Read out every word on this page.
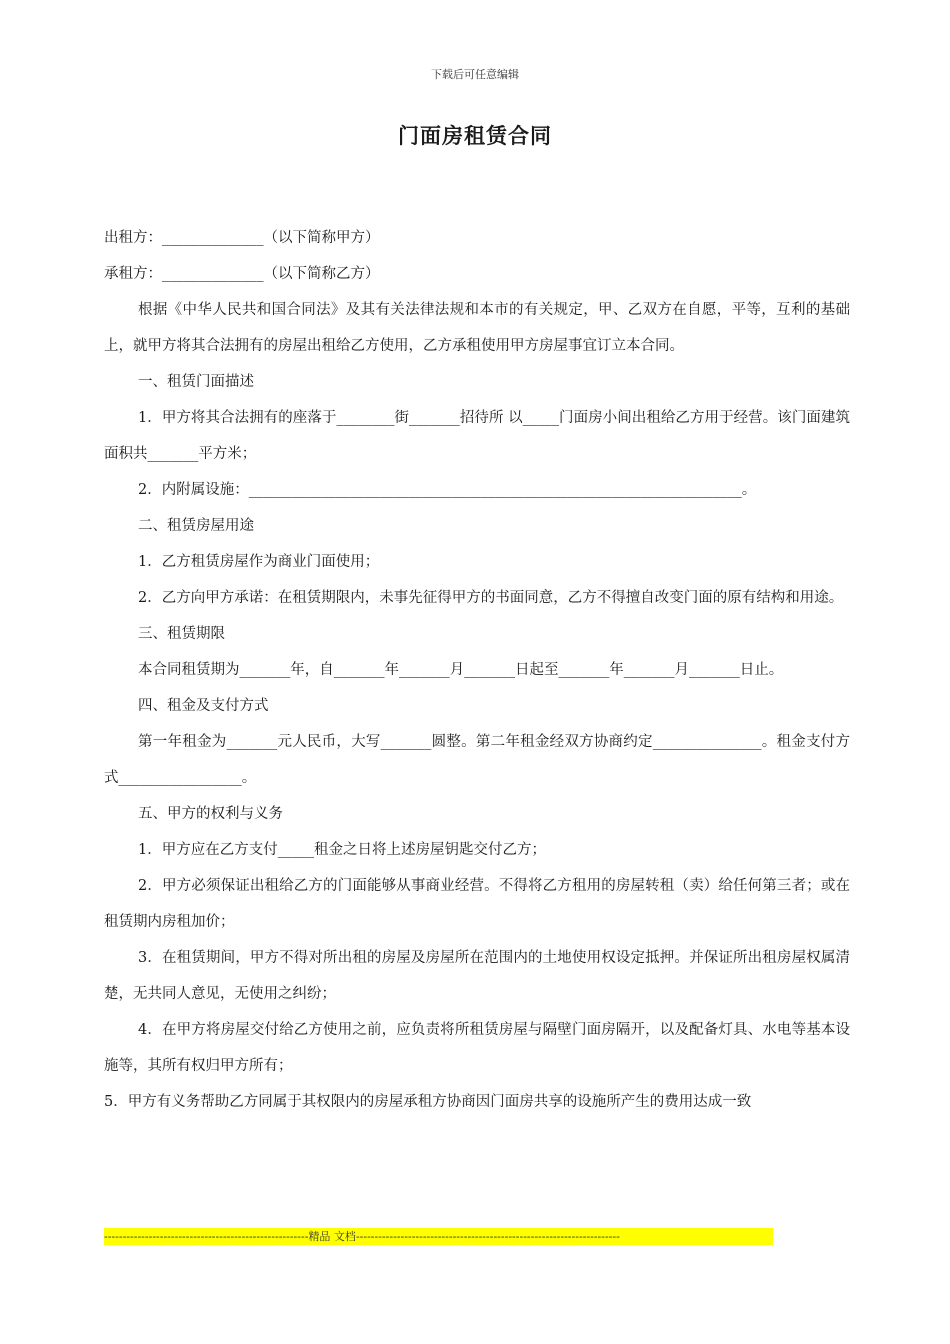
下载后可任意编辑
门面房租赁合同

出租方：______________（以下简称甲方）

承租方：______________（以下简称乙方）

根据《中华人民共和国合同法》及其有关法律法规和本市的有关规定，甲、乙双方在自愿，平等，互利的基础上，就甲方将其合法拥有的房屋出租给乙方使用，乙方承租使用甲方房屋事宜订立本合同。

一、租赁门面描述

1．甲方将其合法拥有的座落于________街_______招待所 以_____门面房小间出租给乙方用于经营。该门面建筑面积共_______平方米；

2．内附属设施：____________________________________________________________________。

二、租赁房屋用途

1．乙方租赁房屋作为商业门面使用；

2．乙方向甲方承诺：在租赁期限内，未事先征得甲方的书面同意，乙方不得擅自改变门面的原有结构和用途。

三、租赁期限

本合同租赁期为_______年，自_______年_______月_______日起至_______年_______月_______日止。

四、租金及支付方式

第一年租金为_______元人民币，大写_______圆整。第二年租金经双方协商约定_______________。租金支付方式_________________。

五、甲方的权利与义务

1．甲方应在乙方支付_____租金之日将上述房屋钥匙交付乙方；

2．甲方必须保证出租给乙方的门面能够从事商业经营。不得将乙方租用的房屋转租（卖）给任何第三者；或在租赁期内房租加价；

3．在租赁期间，甲方不得对所出租的房屋及房屋所在范围内的土地使用权设定抵押。并保证所出租房屋权属清楚，无共同人意见，无使用之纠纷；

4．在甲方将房屋交付给乙方使用之前，应负责将所租赁房屋与隔壁门面房隔开，以及配备灯具、水电等基本设施等，其所有权归甲方所有；

5．甲方有义务帮助乙方同属于其权限内的房屋承租方协商因门面房共享的设施所产生的费用达成一致

-------------------------------------------------------精品 文档-----------------------------------------------------------------------
